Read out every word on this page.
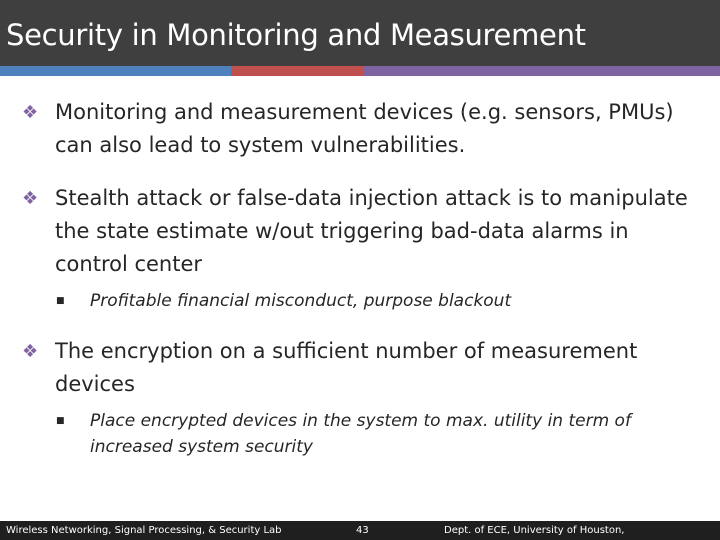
Security in Monitoring and Measurement
❖ Monitoring and measurement devices (e.g. sensors, PMUs) can also lead to system vulnerabilities.
❖ Stealth attack or false-data injection attack is to manipulate the state estimate w/out triggering bad-data alarms in control center
■ Profitable financial misconduct, purpose blackout
❖ The encryption on a sufficient number of measurement devices
■ Place encrypted devices in the system to max. utility in term of increased system security
Wireless Networking, Signal Processing, & Security Lab	43	Dept. of ECE, University of Houston,
